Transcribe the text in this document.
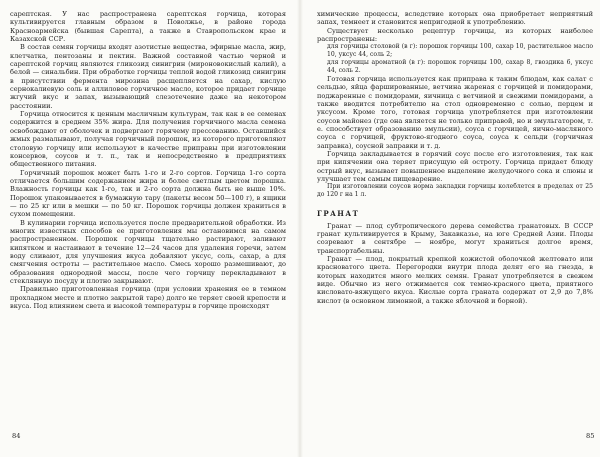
сарептская. У нас распространена сарептская горчица, которая культивируется главным образом в Поволжье, в районе города Красноармейска (бывшая Сарепта), а также в Ставропольском крае и Казахской ССР.

В состав семян горчицы входят азотистые вещества, эфирные масла, жир, клетчатка, пентозаны и пектин. Важной составной частью черной и сарептской горчиц являются гликозид синигрин (мироновокислый калий), а белой — синальбин. При обработке горчицы теплой водой гликозид синигрин в присутствии фермента мирозина расщепляется на сахар, кислую сернокалиевую соль и аллиловое горчичное масло, которое придает горчице жгучий вкус и запах, вызывающий слезотечение даже на некотором расстоянии.

Горчица относится к ценным масличным культурам, так как в ее семенах содержится в среднем 35% жира. Для получения горчичного масла семена освобождают от оболочек и подвергают горячему прессованию. Оставшийся жмых размалывают, получая горчичный порошок, из которого приготовляют столовую горчицу или используют в качестве приправы при изготовлении консервов, соусов и т. п., так и непосредственно в предприятиях общественного питания.

Горчичный порошок может быть 1-го и 2-го сортов. Горчица 1-го сорта отличается большим содержанием жира и более светлым цветом порошка. Влажность горчицы как 1-го, так и 2-го сорта должна быть не выше 10%. Порошок упаковывается в бумажную тару (пакеты весом 50—100 г), в ящики — по 25 кг или в мешки — по 50 кг. Порошок горчицы должен храниться в сухом помещении.

В кулинарии горчица используется после предварительной обработки. Из многих известных способов ее приготовления мы остановимся на самом распространенном. Порошок горчицы тщательно растирают, заливают кипятком и настаивают в течение 12—24 часов для удаления горечи, затем воду сливают, для улучшения вкуса добавляют уксус, соль, сахар, а для смягчения остроты — растительное масло. Смесь хорошо размешивают, до образования однородной массы, после чего горчицу перекладывают в стеклянную посуду и плотно закрывают.

Правильно приготовленная горчица (при условии хранения ее в темном прохладном месте и плотно закрытой таре) долго не теряет своей крепости и вкуса. Под влиянием света и высокой температуры в горчице происходят

84

химические процессы, вследствие которых она приобретает неприятный запах, темнеет и становится непригодной к употреблению.

Существует несколько рецептур горчицы, из которых наиболее распространены:

для горчицы столовой (в г): порошок горчицы 100, сахар 10, растительное масло 10, уксус 44, соль 2;

для горчицы ароматной (в г): порошок горчицы 100, сахар 8, гвоздика 6, уксус 44, соль 2.

Готовая горчица используется как приправа к таким блюдам, как салат с сельдью, яйца фаршированные, ветчина жареная с горчицей и помидорами, поджаренные с помидорами, яичница с ветчиной и свежими помидорами, а также вводится потребителю на стол одновременно с солью, перцем и уксусом. Кроме того, готовая горчица употребляется при изготовлении соусов майонез (где она является не только приправой, но и эмульгатором, т. е. способствует образованию эмульсии), соуса с горчицей, яично-масляного соуса с горчицей, фруктово-ягодного соуса, соуса к сельди (горчичная заправка), соусной заправки и т. д.

Горчица закладывается в горячий соус после его изготовления, так как при кипячении она теряет присущую ей остроту. Горчица придает блюду острый вкус, вызывает повышенное выделение желудочного сока и слюны и улучшает тем самым пищеварение.

При изготовлении соусов норма закладки горчицы колеблется в пределах от 25 до 120 г на 1 л.

ГРАНАТ

Гранат — плод субтропического дерева семейства гранатовых. В СССР гранат культивируется в Крыму, Закавказье, на юге Средней Азии. Плоды созревают в сентябре — ноябре, могут храниться долгое время, транспортабельны.

Гранат — плод, покрытый крепкой кожистой оболочкой желтовато или красноватого цвета. Перегородки внутри плода делят его на гнезда, в которых находится много мелких семян. Гранат употребляется в свежем виде. Обычно из него отжимается сок темно-красного цвета, приятного кисловато-вяжущего вкуса. Кислые сорта граната содержат от 2,9 до 7,8% кислот (в основном лимонной, а также яблочной и борной).

85
